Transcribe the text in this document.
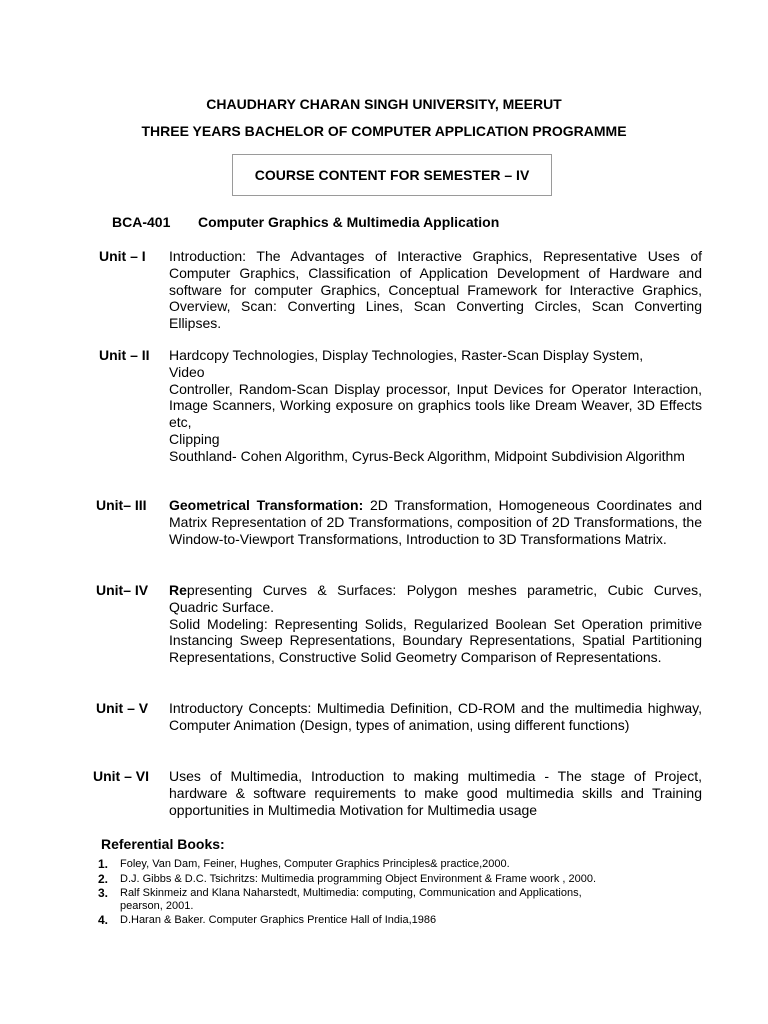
CHAUDHARY CHARAN SINGH UNIVERSITY, MEERUT
THREE YEARS BACHELOR OF COMPUTER APPLICATION PROGRAMME
COURSE CONTENT FOR SEMESTER – IV
BCA-401 Computer Graphics & Multimedia Application
Unit – I Introduction: The Advantages of Interactive Graphics, Representative Uses of Computer Graphics, Classification of Application Development of Hardware and software for computer Graphics, Conceptual Framework for Interactive Graphics, Overview, Scan: Converting Lines, Scan Converting Circles, Scan Converting Ellipses.

Unit – II Hardcopy Technologies, Display Technologies, Raster-Scan Display System,

Video

Controller, Random-Scan Display processor, Input Devices for Operator Interaction, Image Scanners, Working exposure on graphics tools like Dream Weaver, 3D Effects etc,

Clipping

Southland- Cohen Algorithm, Cyrus-Beck Algorithm, Midpoint Subdivision Algorithm

Unit– III Geometrical Transformation: 2D Transformation, Homogeneous Coordinates and Matrix Representation of 2D Transformations, composition of 2D Transformations, the Window-to-Viewport Transformations, Introduction to 3D Transformations Matrix.

Unit– IV Representing Curves & Surfaces: Polygon meshes parametric, Cubic Curves, Quadric Surface.

Solid Modeling: Representing Solids, Regularized Boolean Set Operation primitive Instancing Sweep Representations, Boundary Representations, Spatial Partitioning Representations, Constructive Solid Geometry Comparison of Representations.

Unit – V Introductory Concepts: Multimedia Definition, CD-ROM and the multimedia highway, Computer Animation (Design, types of animation, using different functions)

Unit – VI Uses of Multimedia, Introduction to making multimedia - The stage of Project, hardware & software requirements to make good multimedia skills and Training opportunities in Multimedia Motivation for Multimedia usage

Referential Books:
1.	Foley, Van Dam, Feiner, Hughes, Computer Graphics Principles& practice,2000.
2.	D.J. Gibbs & D.C. Tsichritzs: Multimedia programming Object Environment & Frame woork , 2000.
3.	Ralf Skinmeiz and Klana Naharstedt, Multimedia: computing, Communication and Applications, pearson, 2001.
4.	D.Haran & Baker. Computer Graphics Prentice Hall of India,1986
